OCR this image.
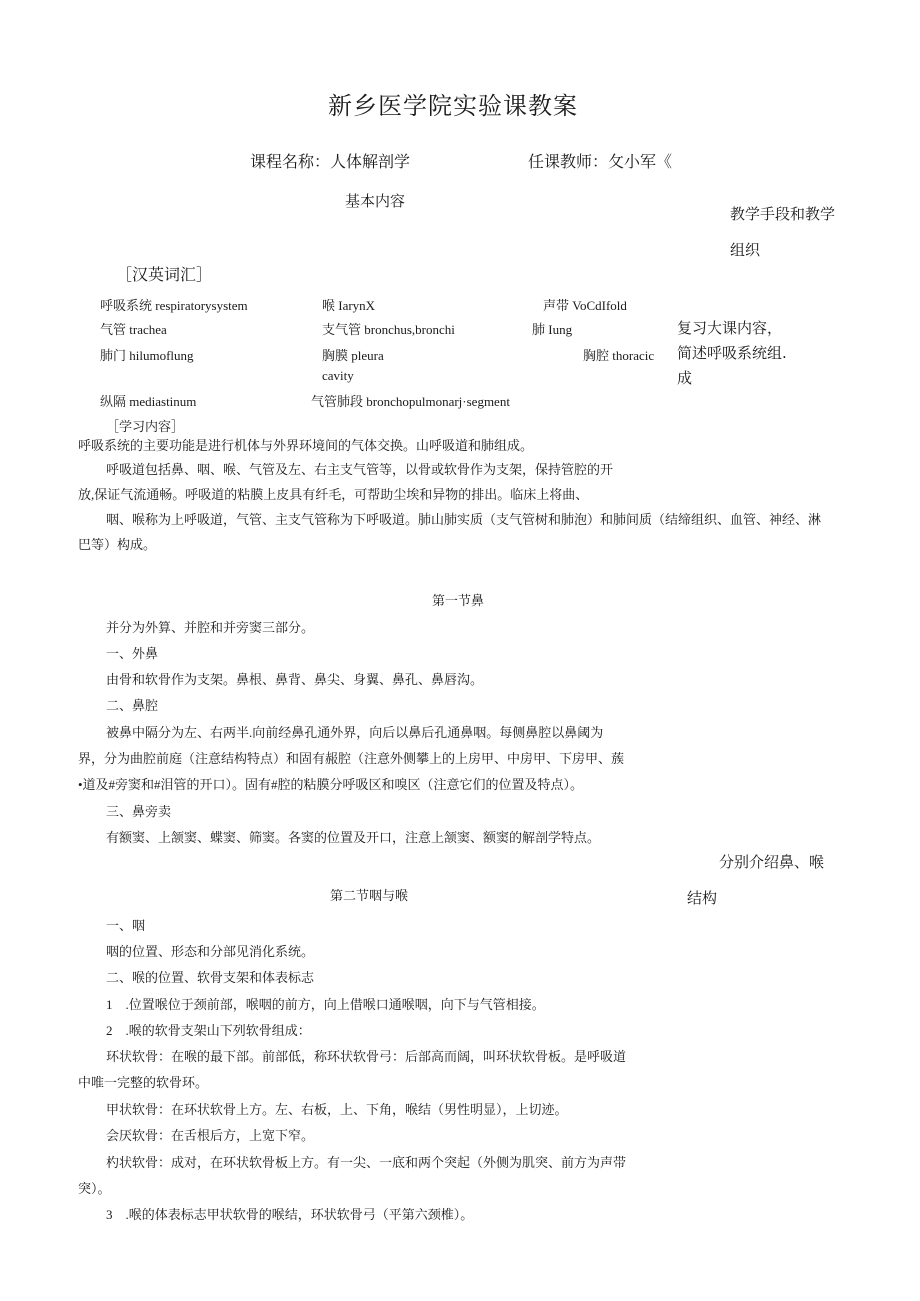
新乡医学院实验课教案
课程名称：人体解剖学	任课教师：攵小军《
基本内容
教学手段和教学
组织
［汉英词汇］
呼吸系统 respiratorysystem	喉 IarynX	声带 VoCdIfold
气管 trachea	支气管 bronchus,bronchi	肺 Iung
肺门 hilumoflung	胸膜 pleura	胸腔 thoracic
cavity
纵隔 mediastinum	气管肺段 bronchopulmonarj·segment
复习大课内容，
简述呼吸系统组.
成
［学习内容］
呼吸系统的主要功能是进行机体与外界环境间的气体交换。山呼吸道和肺组成。
呼吸道包括鼻、咽、喉、气管及左、右主支气管等，以骨或软骨作为支架，保持管腔的开
放,保证气流通畅。呼吸道的粘膜上皮具有纤毛，可帮助尘埃和异物的排出。临床上将曲、
咽、喉称为上呼吸道，气管、主支气管称为下呼吸道。肺山肺实质（支气管树和肺泡）和肺间质（结缔组织、血管、神经、淋
巴等）构成。
第一节鼻
并分为外算、并腔和并旁窦三部分。
一、外鼻
由骨和软骨作为支架。鼻根、鼻背、鼻尖、身翼、鼻孔、鼻唇沟。
二、鼻腔
被鼻中隔分为左、右两半.向前经鼻孔通外界，向后以鼻后孔通鼻咽。每侧鼻腔以鼻阈为
界，分为曲腔前庭（注意结构特点）和固有赧腔（注意外侧攀上的上房甲、中房甲、下房甲、蔟
•道及#旁窦和#泪管的开口）。固有#腔的粘膜分呼吸区和嗅区（注意它们的位置及特点）。
三、鼻旁卖
有额窦、上颔窦、蝶窦、筛窦。各窦的位置及开口，注意上颔窦、额窦的解剖学特点。
分别介绍鼻、喉
结构
第二节咽与喉
一、咽
咽的位置、形态和分部见消化系统。
二、喉的位置、软骨支架和体表标志
1　.位置喉位于颈前部，喉咽的前方，向上借喉口通喉咽，向下与气管相接。
2　.喉的软骨支架山下列软骨组成：
环状软骨：在喉的最下部。前部低，称环状软骨弓：后部高而阔，叫环状软骨板。是呼吸道
中唯一完整的软骨环。
甲状软骨：在环状软骨上方。左、右板，上、下角，喉结（男性明显），上切迹。
会厌软骨：在舌根后方，上宽下窄。
杓状软骨：成对，在环状软骨板上方。有一尖、一底和两个突起（外侧为肌突、前方为声带
突）。
3　.喉的体表标志甲状软骨的喉结，环状软骨弓（平第六颈椎）。
